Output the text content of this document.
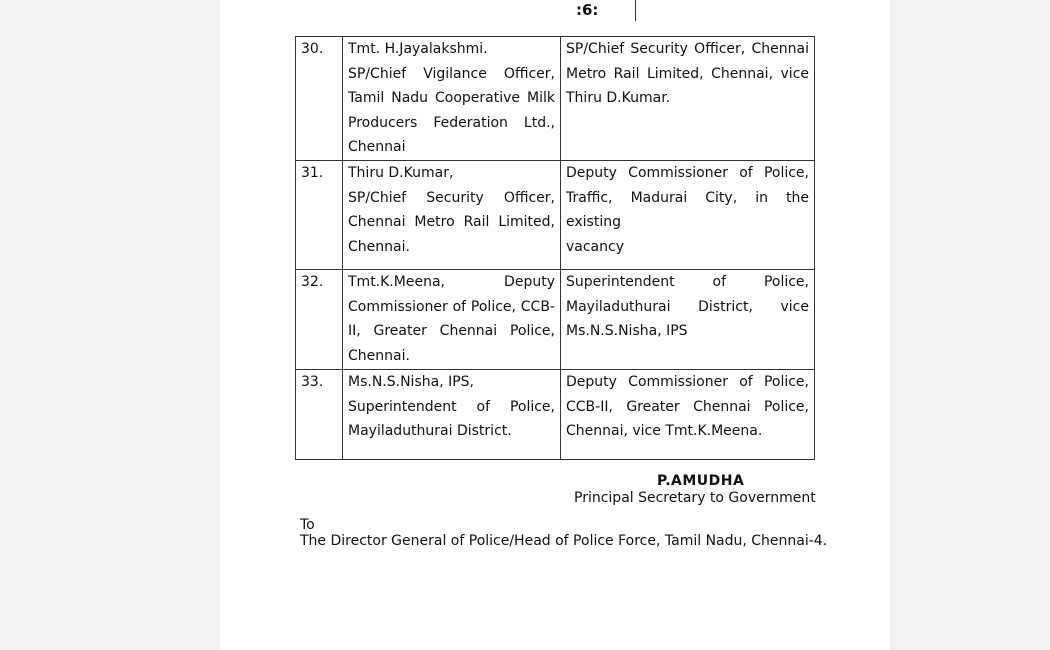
:6:
30.	Tmt. H.Jayalakshmi.
SP/Chief Vigilance Officer,
Tamil Nadu Cooperative Milk
Producers Federation Ltd.,
Chennai	SP/Chief Security Officer, Chennai
Metro Rail Limited, Chennai, vice
Thiru D.Kumar.

31.	Thiru D.Kumar,
SP/Chief Security Officer,
Chennai Metro Rail Limited,
Chennai.	Deputy Commissioner of Police,
Traffic, Madurai City, in the existing
vacancy

32.	Tmt.K.Meena, Deputy
Commissioner of Police, CCB-
II, Greater Chennai Police,
Chennai.	Superintendent of Police,
Mayiladuthurai District, vice
Ms.N.S.Nisha, IPS

33.	Ms.N.S.Nisha, IPS,
Superintendent of Police,
Mayiladuthurai District.	Deputy Commissioner of Police,
CCB-II, Greater Chennai Police,
Chennai, vice Tmt.K.Meena.
P.AMUDHA
Principal Secretary to Government
To
The Director General of Police/Head of Police Force, Tamil Nadu, Chennai-4.
